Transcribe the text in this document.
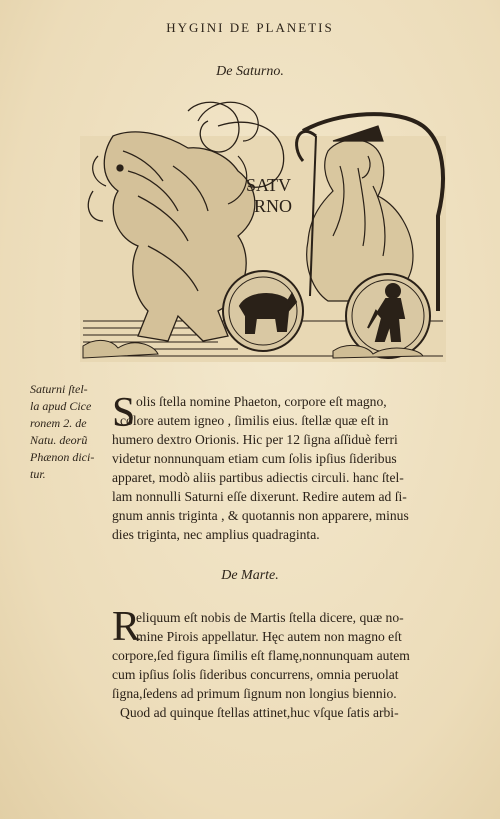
HYGINI DE PLANETIS
De Saturno.
SATV
RNO
Saturni ſtel-
la apud Cice
ronem 2. de
Natu. deorũ
Phænon dici-
tur.
S olis ſtella nomine Phaeton, corpore eſt magno,
colore autem igneo , ſimilis eius. ſtellæ quæ eſt in
humero dextro Orionis. Hic per 12 ſigna aſſiduè ferri
videtur nonnunquam etiam cum ſolis ipſius ſideribus
apparet, modò aliis partibus adiectis circuli. hanc ſtel-
lam nonnulli Saturni eſſe dixerunt. Redire autem ad ſi-
gnum annis triginta , & quotannis non apparere, minus
dies triginta, nec amplius quadraginta.
De Marte.
R
eliquum eſt nobis de Martis ſtella dicere, quæ no-
mine Pirois appellatur. Hęc autem non magno eſt
corpore,ſed figura ſimilis eſt flamę,nonnunquam autem
cum ipſius ſolis ſideribus concurrens, omnia peruolat
ſigna,ſedens ad primum ſignum non longius biennio.
Quod ad quinque ſtellas attinet,huc vſque ſatis arbi-
